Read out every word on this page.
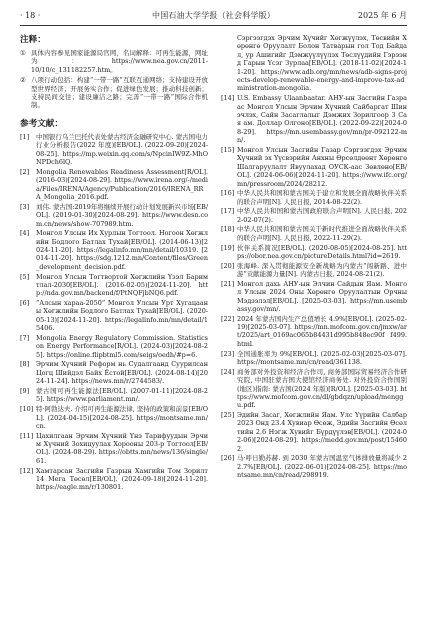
· 18 ·	中国石油大学学报（社会科学版）	2025 年 6 月
注释：
① 具体内容参见国家能源局官网，名词解释：可再生能源，网址为：https://www.nea.gov.cn/2011-10/10/c_131182257.htm。
② 八项行动包括：构建“一带一路”互联互通网络；支持建设开放型世界经济；开展务实合作；促进绿色发展；推动科技创新；支持民间交往；建设廉洁之路；完善“一带一路”国际合作机制。
参考文献：
[1]	中国银行乌兰巴托代表处蒙古经济金融研究中心. 蒙古国电力行业分析报告(2022 年度)[EB/OL]. (2022-09-20)[2024-08-25]. https://mp.weixin.qq.com/s/NpcinIW9Z-MhONPDch6lQ.
[2]	Mongolia Renewables Readiness Assessment[R/OL]. (2016-03)[2024-08-29]. https://www.irena.org/-/media/Files/IRENA/Agency/Publication/2016/IRENA_RRA_Mongolia_2016.pdf.
[3]	刘伟. 蒙古国:2019年将继续开展行动计划发展新兴市场[EB/OL]. (2019-01-30)[2024-08-29]. https://www.desn.com.cn/news/show-707989.htm.
[4]	Монгол Улсын Их Хурлын Тогтоол. Ногоон Хөгжлийн Бодлого Батлах Тухай[EB/OL]. (2014-06-13)[2024-11-20]. https://legalinfo.mn/mn/detail/10319. [2014-11-20]. https://sdg.1212.mn/Content/files/Green_development_decision.pdf.
[5]	Монгол Улсын Тогтвортой Хөгжлийн Үзэл Баримтлал-2030[EB/OL]. (2016-02-05)[2024-11-20]. http://nda.gov.mn/backend/f/PtNQFjbNQ6.pdf.
[6]	“Алсын хараа-2050” Монгол Улсын Урт Хугацааны Хөгжлийн Бодлого Батлах Тухай[EB/OL]. (2020-05-13)[2024-11-20]. https://legalinfo.mn/mn/detail/15406.
[7]	Mongolia Energy Regulatory Commission. Statistics on Energy Performance[R/OL]. (2024-03)[2024-08-25]. https://online.flipbtml5.com/seigs/oedh/#p=6.
[8]	Эрчим Хүчний Реформ нь Судалгаанд Суурилсан Цогц Шийдэл Байх Ёстой[EB/OL]. (2024-08-14)[2024-11-24]. https://news.mn/r/2744583/.
[9]	蒙古国可再生能源法[EB/OL]. (2007-01-11)[2024-08-25]. https://www.parliament.mn/.
[10] 特·阿勃达夫. 介绍可再生能源法律, 坚持的政策和前景[EB/OL]. (2024-04-15)[2024-08-25]. https://montsame.mn/cn.
[11] Цахилгаан Эрчим Хүчний Үнэ Тарифуудын Эрчим Хүчний Зохицуулах Хорооны 203-р Тогтоол[EB/OL]. (2024-08-29). https://obtts.mn/news/136/single/61.
[12] Хамтарсан Засгийн Газрын Хамгийн Том Зорилт 14 Мега Төсөл[EB/OL]. (2024-09-18)[2024-11-20]. https://eagle.mn/r/130801.
Сэргээгдэх Эрчим Хүчийг Хөгжүүлэх, Төсвийн Хөрөнгө Оруулалт Болон Татварын гол Тод Байдал, ур Ашигийг Дэмжүүлүүлэх Төслүүдийн Гэрээнд Гарын Үсэг Зурлаа[EB/OL]. (2018-11-02)[2024-11-20]. https://www.adb.org/mn/news/adb-signs-projects-develop-renewable-energy-and-improve-tax-administration-mongolia.
[14] U.S. Embassy Ulaanbaatar. АНУ-ын Засгийн Газраас Монгол Улсын Эрчим Хүчний Сайбаргат Шинэчлэх, Сайн Засаглалыг Дэмжих Зорилгоор 3 Сая ам. Доллар Олгоно[EB/OL]. (2022-09-22)[2024-08-29]. https://mn.usembassy.gov/mn/pr-092122-mn/.
[15] Монгол Улсын Засгийн Газар Сэргээгдэх Эрчим Хүчний эх Үүсвэрийн Анхны Өрсөлдөөнт Хөрөнгө Шалгаруулалт Явуулахад ОУСК-аас Зөвлөно[EB/OL]. (2024-06-06)[2024-11-20]. https://www.ifc.org/mn/pressroom/2024/28212.
[16] 中华人民共和国和蒙古国关于建立和发展全面战略伙伴关系的联合声明[N]. 人民日报, 2014-08-22(2).
[17] 中华人民共和国和蒙古国政府联合声明[N]. 人民日报, 2022-02-07(2).
[18] 中华人民共和国和蒙古国关于新时代推进全面战略伙伴关系的联合声明[N]. 人民日报, 2022-11-29(2).
[19] 伙伴关系简况[EB/OL]. (2020-08-05)[2024-08-25]. https://obor.nea.gov.cn/pictureDetails.html?id=2619.
[20] 张海峰. 深入贯彻能源安全新战略为内蒙古“闯新路、进中游”贡献能源力量[N]. 内蒙古日报, 2024-08-21(2).
[21] Монгол дахь АНУ-ын Элчин Сайдын Яам. Монгол Улсын 2024 Оны Хөрөнгө Оруулалтын Орчны Мэдээлэл[EB/OL]. [2025-03-03]. https://mn.usembassy.gov/mn/.
[22] 2024 年蒙古国内生产总值增长 4.9%[EB/OL]. (2025-02-19)[2025-03-07]. https://mn.mofcom.gov.cn/jmxw/art/2025/art_0169ac065b84431d995b848ec90f f499.html.
[23] 全国通胀率为 9%[EB/OL]. (2025-02-03)[2025-03-07]. https://montsame.mn/cn/read/361138.
[24] 商务部对外投资和经济合作司, 商务部国际贸易经济合作研究院, 中国驻蒙古国大使馆经济商务处. 对外投资合作国别(地区)指南: 蒙古国(2024 年版)[R/OL]. [2025-03-03]. https://www.mofcom.gov.cn/dl/gbdqzn/upload/menggu.pdf.
[25] Эдийн Засаг, Хөгжлийн Яам. Улс Үүрийн Салбар 2023 Онд 23.4 Хувиар Өсөж, Эдийн Засгийн Өсөлтийн 2.6 Нэгж Хувийг Бүрдүүлэв[EB/OL]. (2024-02-06)[2024-08-29]. https://medd.gov.mn/post/154602.
[26] 马·呼日勤苏赫. 到 2030 年蒙古国温室气体排放量将减少 22.7%[EB/OL]. (2022-06-01)[2024-08-25]. https://montsame.mn/cn/read/298919.
